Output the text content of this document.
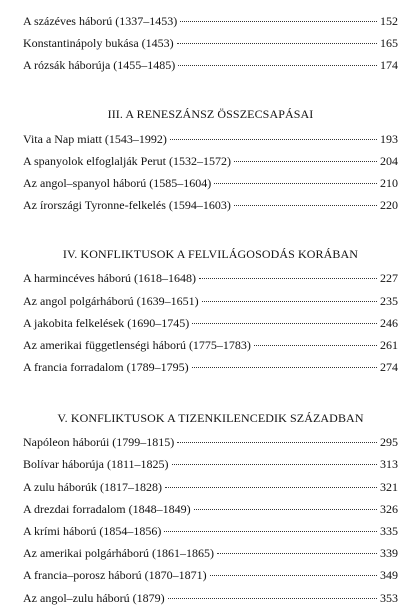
A százéves háború (1337–1453)	152
Konstantinápoly bukása (1453)	165
A rózsák háborúja (1455–1485)	174
III. A RENESZÁNSZ ÖSSZECSAPÁSAI
Vita a Nap miatt (1543–1992)	193
A spanyolok elfoglalják Perut (1532–1572)	204
Az angol–spanyol háború (1585–1604)	210
Az írországi Tyronne-felkelés (1594–1603)	220
IV. KONFLIKTUSOK A FELVILÁGOSODÁS KORÁBAN
A harmincéves háború (1618–1648)	227
Az angol polgárháború (1639–1651)	235
A jakobita felkelések (1690–1745)	246
Az amerikai függetlenségi háború (1775–1783)	261
A francia forradalom (1789–1795)	274
V. KONFLIKTUSOK A TIZENKILENCEDIK SZÁZADBAN
Napóleon háborúi (1799–1815)	295
Bolívar háborúja (1811–1825)	313
A zulu háborúk (1817–1828)	321
A drezdai forradalom (1848–1849)	326
A krími háború (1854–1856)	335
Az amerikai polgárháború (1861–1865)	339
A francia–porosz háború (1870–1871)	349
Az angol–zulu háború (1879)	353
